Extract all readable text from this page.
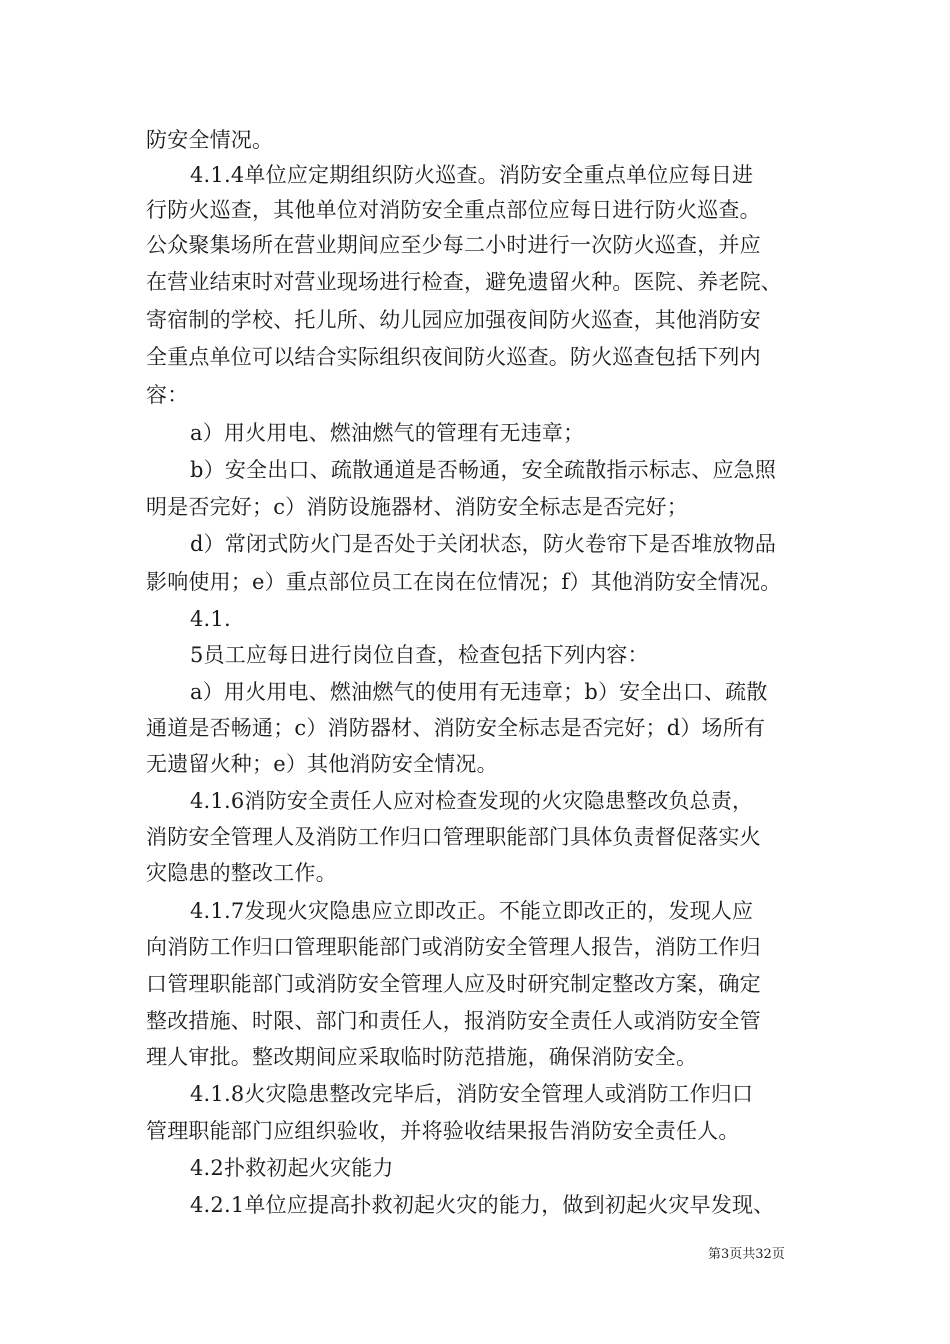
防安全情况。
4.1.4单位应定期组织防火巡查。消防安全重点单位应每日进
行防火巡查，其他单位对消防安全重点部位应每日进行防火巡查。
公众聚集场所在营业期间应至少每二小时进行一次防火巡查，并应
在营业结束时对营业现场进行检查，避免遗留火种。医院、养老院、
寄宿制的学校、托儿所、幼儿园应加强夜间防火巡查，其他消防安
全重点单位可以结合实际组织夜间防火巡查。防火巡查包括下列内
容：
a）用火用电、燃油燃气的管理有无违章；
b）安全出口、疏散通道是否畅通，安全疏散指示标志、应急照
明是否完好；c）消防设施器材、消防安全标志是否完好；
d）常闭式防火门是否处于关闭状态，防火卷帘下是否堆放物品
影响使用；e）重点部位员工在岗在位情况；f）其他消防安全情况。
4.1.
5员工应每日进行岗位自查，检查包括下列内容：
a）用火用电、燃油燃气的使用有无违章；b）安全出口、疏散
通道是否畅通；c）消防器材、消防安全标志是否完好；d）场所有
无遗留火种；e）其他消防安全情况。
4.1.6消防安全责任人应对检查发现的火灾隐患整改负总责，
消防安全管理人及消防工作归口管理职能部门具体负责督促落实火
灾隐患的整改工作。
4.1.7发现火灾隐患应立即改正。不能立即改正的，发现人应
向消防工作归口管理职能部门或消防安全管理人报告，消防工作归
口管理职能部门或消防安全管理人应及时研究制定整改方案，确定
整改措施、时限、部门和责任人，报消防安全责任人或消防安全管
理人审批。整改期间应采取临时防范措施，确保消防安全。
4.1.8火灾隐患整改完毕后，消防安全管理人或消防工作归口
管理职能部门应组织验收，并将验收结果报告消防安全责任人。
4.2扑救初起火灾能力
4.2.1单位应提高扑救初起火灾的能力，做到初起火灾早发现、
第3页共32页
